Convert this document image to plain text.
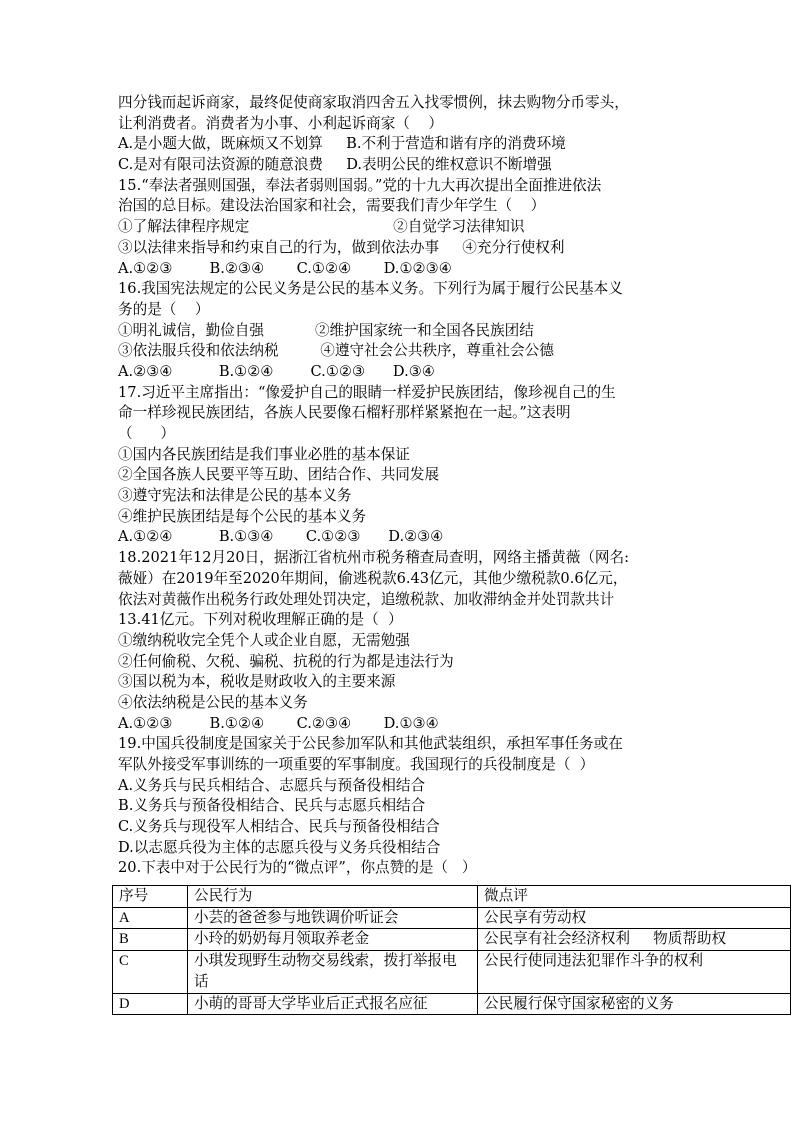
四分钱而起诉商家，最终促使商家取消四舍五入找零惯例，抹去购物分币零头，
让利消费者。消费者为小事、小利起诉商家（    ）
A.是小题大做，既麻烦又不划算     B.不利于营造和谐有序的消费环境
C.是对有限司法资源的随意浪费     D.表明公民的维权意识不断增强
15.“奉法者强则国强，奉法者弱则国弱。”党的十九大再次提出全面推进依法
治国的总目标。建设法治国家和社会，需要我们青少年学生（    ）
①了解法律程序规定                               ②自觉学习法律知识
③以法律来指导和约束自己的行为，做到依法办事     ④充分行使权利
A.①②③        B.②③④       C.①②④       D.①②③④
16.我国宪法规定的公民义务是公民的基本义务。下列行为属于履行公民基本义
务的是（    ）
①明礼诚信，勤俭自强           ②维护国家统一和全国各民族团结
③依法服兵役和依法纳税         ④遵守社会公共秩序，尊重社会公德
A.②③④          B.①②④        C.①②③      D.③④
17.习近平主席指出：“像爱护自己的眼睛一样爱护民族团结，像珍视自己的生
命一样珍视民族团结，各族人民要像石榴籽那样紧紧抱在一起。”这表明
（      ）
①国内各民族团结是我们事业必胜的基本保证
②全国各族人民要平等互助、团结合作、共同发展
③遵守宪法和法律是公民的基本义务
④维护民族团结是每个公民的基本义务
A.①②④          B.①③④       C.①②③      D.②③④
18.2021年12月20日，据浙江省杭州市税务稽查局查明，网络主播黄薇（网名:
薇娅）在2019年至2020年期间，偷逃税款6.43亿元，其他少缴税款0.6亿元，
依法对黄薇作出税务行政处理处罚决定，追缴税款、加收滞纳金并处罚款共计
13.41亿元。下列对税收理解正确的是（  ）
①缴纳税收完全凭个人或企业自愿，无需勉强
②任何偷税、欠税、骗税、抗税的行为都是违法行为
③国以税为本，税收是财政收入的主要来源
④依法纳税是公民的基本义务
A.①②③        B.①②④       C.②③④       D.①③④
19.中国兵役制度是国家关于公民参加军队和其他武装组织，承担军事任务或在
军队外接受军事训练的一项重要的军事制度。我国现行的兵役制度是（  ）
A.义务兵与民兵相结合、志愿兵与预备役相结合
B.义务兵与预备役相结合、民兵与志愿兵相结合
C.义务兵与现役军人相结合、民兵与预备役相结合
D.以志愿兵役为主体的志愿兵役与义务兵役相结合
20.下表中对于公民行为的“微点评”，你点赞的是（   ）
序号	公民行为	微点评
A	小芸的爸爸参与地铁调价听证会	公民享有劳动权
B	小玲的奶奶每月领取养老金	公民享有社会经济权利     物质帮助权
C	小琪发现野生动物交易线索，拨打举报电话	公民行使同违法犯罪作斗争的权利
D	小萌的哥哥大学毕业后正式报名应征	公民履行保守国家秘密的义务
